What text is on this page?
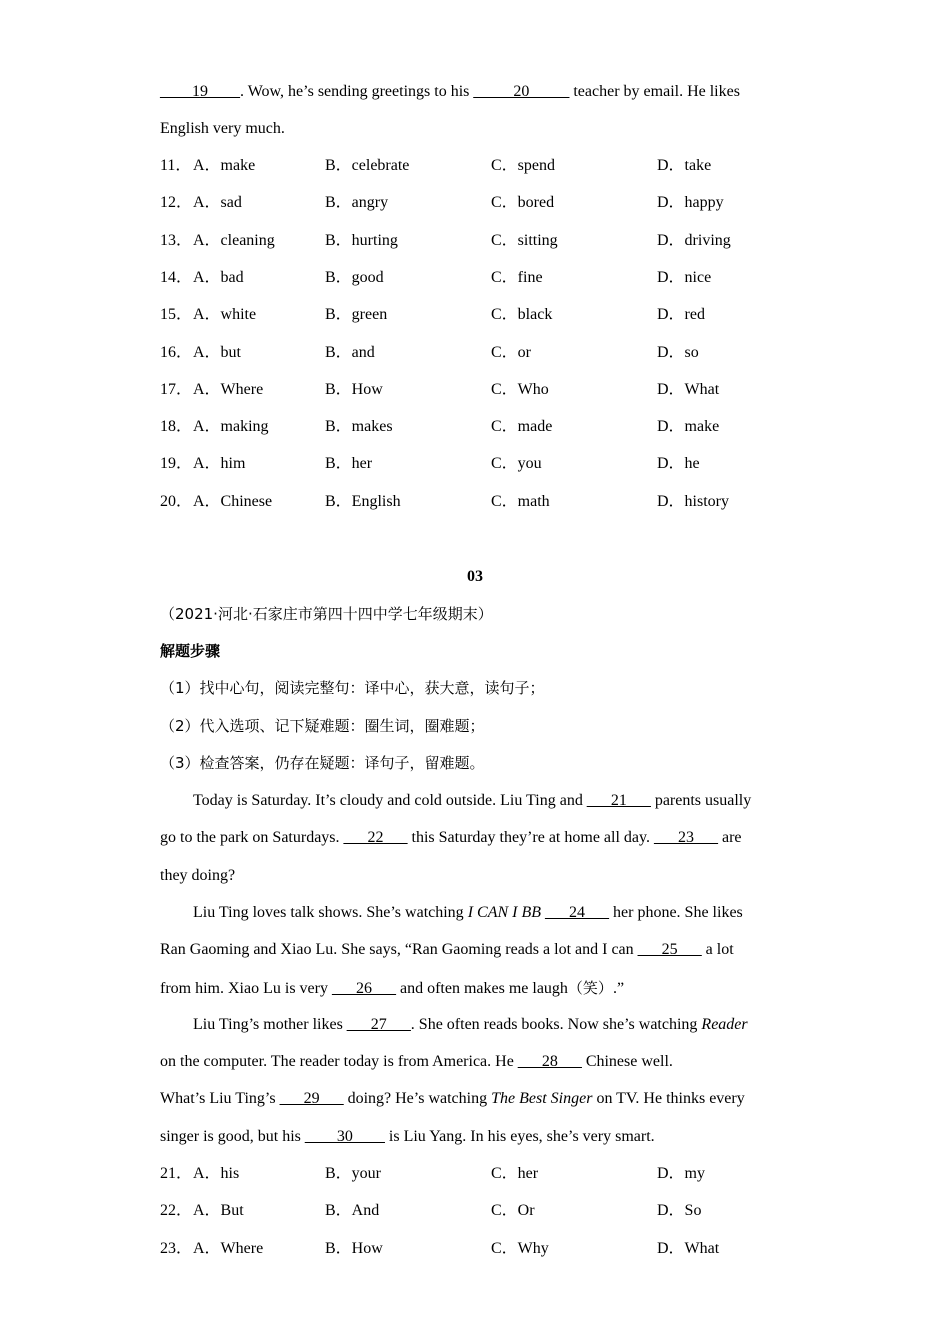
____19____. Wow, he’s sending greetings to his _____20_____ teacher by email. He likes
English very much.
11． A．make	B．celebrate	C．spend	D．take
12． A．sad	B．angry	C．bored	D．happy
13． A．cleaning	B．hurting	C．sitting	D．driving
14． A．bad	B．good	C．fine	D．nice
15． A．white	B．green	C．black	D．red
16． A．but	B．and	C．or	D．so
17． A．Where	B．How	C．Who	D．What
18． A．making	B．makes	C．made	D．make
19． A．him	B．her	C．you	D．he
20． A．Chinese	B．English	C．math	D．history
03
（2021·河北·石家庄市第四十四中学七年级期末）
解题步骤
（1）找中心句，阅读完整句：译中心，获大意，读句子；
（2）代入选项、记下疑难题：圈生词，圈难题；
（3）检查答案，仍存在疑题：译句子，留难题。
Today is Saturday. It’s cloudy and cold outside. Liu Ting and ___21___ parents usually
go to the park on Saturdays. ___22___ this Saturday they’re at home all day. ___23___ are
they doing?
Liu Ting loves talk shows. She’s watching I CAN I BB ___24___ her phone. She likes
Ran Gaoming and Xiao Lu. She says, “Ran Gaoming reads a lot and I can ___25___ a lot
from him. Xiao Lu is very ___26___ and often makes me laugh（笑）.”
Liu Ting’s mother likes ___27___. She often reads books. Now she’s watching Reader
on the computer. The reader today is from America. He ___28___ Chinese well.
What’s Liu Ting’s ___29___ doing? He’s watching The Best Singer on TV. He thinks every
singer is good, but his ____30____ is Liu Yang. In his eyes, she’s very smart.
21． A．his	B．your	C．her	D．my
22． A．But	B．And	C．Or	D．So
23． A．Where	B．How	C．Why	D．What
